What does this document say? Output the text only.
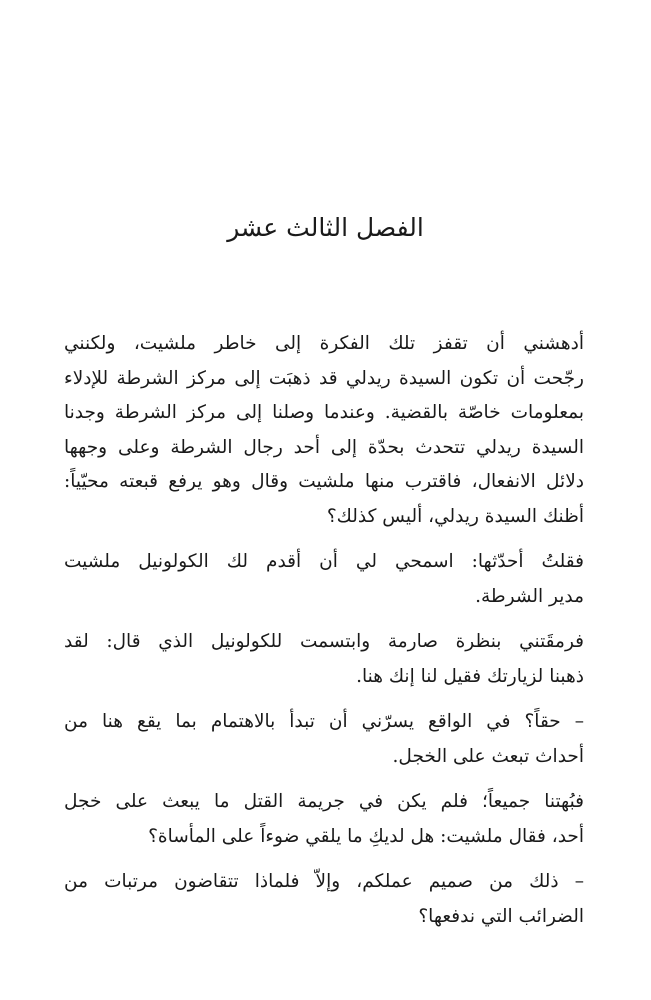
الفصل الثالث عشر

أدهشني أن تقفز تلك الفكرة إلى خاطر ملشيت، ولكنني
رجّحت أن تكون السيدة ريدلي قد ذهبَت إلى مركز الشرطة للإدلاء
بمعلومات خاصّة بالقضية. وعندما وصلنا إلى مركز الشرطة وجدنا
السيدة ريدلي تتحدث بحدّة إلى أحد رجال الشرطة وعلى وجهها
دلائل الانفعال، فاقترب منها ملشيت وقال وهو يرفع قبعته محيّياً:
أظنك السيدة ريدلي، أليس كذلك؟

فقلتُ أحدّثها: اسمحي لي أن أقدم لك الكولونيل ملشيت
مدير الشرطة.

فرمقَتني بنظرة صارمة وابتسمت للكولونيل الذي قال: لقد
ذهبنا لزيارتك فقيل لنا إنك هنا.

– حقاً؟ في الواقع يسرّني أن تبدأ بالاهتمام بما يقع هنا من
أحداث تبعث على الخجل.

فبُهتنا جميعاً؛ فلم يكن في جريمة القتل ما يبعث على خجل
أحد، فقال ملشيت: هل لديكِ ما يلقي ضوءاً على المأساة؟

– ذلك من صميم عملكم، وإلاّ فلماذا تتقاضون مرتبات من
الضرائب التي ندفعها؟
